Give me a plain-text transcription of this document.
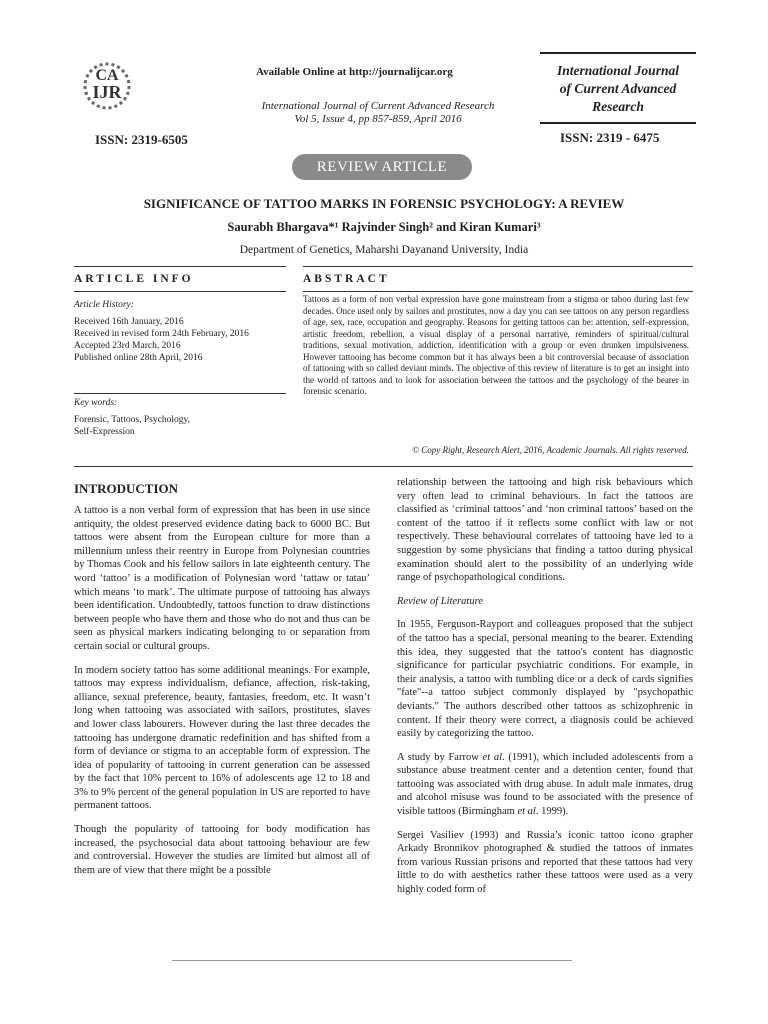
CA
IJR
ISSN: 2319-6505
Available Online at http://journalijcar.org
International Journal of Current Advanced Research
Vol 5, Issue 4, pp 857-859, April 2016
International Journal
of Current Advanced
Research
ISSN: 2319 - 6475
REVIEW ARTICLE
SIGNIFICANCE OF TATTOO MARKS IN FORENSIC PSYCHOLOGY: A REVIEW
Saurabh Bhargava*¹ Rajvinder Singh² and Kiran Kumari³
Department of Genetics, Maharshi Dayanand University, India
ARTICLE INFO
Article History:
Received 16th January, 2016
Received in revised form 24th February, 2016
Accepted 23rd March, 2016
Published online 28th April, 2016
Key words:
Forensic, Tattoos, Psychology,
Self-Expression
ABSTRACT
Tattoos as a form of non verbal expression have gone mainstream from a stigma or taboo during last few decades. Once used only by sailors and prostitutes, now a day you can see tattoos on any person regardless of age, sex, race, occupation and geography. Reasons for getting tattoos can be: attention, self-expression, artistic freedom, rebellion, a visual display of a personal narrative, reminders of spiritual/cultural traditions, sexual motivation, addiction, identification with a group or even drunken impulsiveness. However tattooing has become common but it has always been a bit controversial because of association of tattooing with so called deviant minds. The objective of this review of literature is to get an insight into the world of tattoos and to look for association between the tattoos and the psychology of the bearer in forensic scenario.
© Copy Right, Research Alert, 2016, Academic Journals. All rights reserved.
INTRODUCTION

A tattoo is a non verbal form of expression that has been in use since antiquity, the oldest preserved evidence dating back to 6000 BC. But tattoos were absent from the European culture for more than a millennium unless their reentry in Europe from Polynesian countries by Thomas Cook and his fellow sailors in late eighteenth century. The word ‘tattoo’ is a modification of Polynesian word ‘tattaw or tatau’ which means ‘to mark’. The ultimate purpose of tattooing has always been identification. Undoubtedly, tattoos function to draw distinctions between people who have them and those who do not and thus can be seen as physical markers indicating belonging to or separation from certain social or cultural groups.

In modern society tattoo has some additional meanings. For example, tattoos may express individualism, defiance, affection, risk-taking, alliance, sexual preference, beauty, fantasies, freedom, etc. It wasn’t long when tattooing was associated with sailors, prostitutes, slaves and lower class labourers. However during the last three decades the tattooing has undergone dramatic redefinition and has shifted from a form of deviance or stigma to an acceptable form of expression. The idea of popularity of tattooing in current generation can be assessed by the fact that 10% percent to 16% of adolescents age 12 to 18 and 3% to 9% percent of the general population in US are reported to have permanent tattoos.

Though the popularity of tattooing for body modification has increased, the psychosocial data about tattooing behaviour are few and controversial. However the studies are limited but almost all of them are of view that there might be a possible

relationship between the tattooing and high risk behaviours which very often lead to criminal behaviours. In fact the tattoos are classified as ‘criminal tattoos’ and ‘non criminal tattoos’ based on the content of the tattoo if it reflects some conflict with law or not respectively. These behavioural correlates of tattooing have led to a suggestion by some physicians that finding a tattoo during physical examination should alert to the possibility of an underlying wide range of psychopathological conditions.

Review of Literature

In 1955, Ferguson-Rayport and colleagues proposed that the subject of the tattoo has a special, personal meaning to the bearer. Extending this idea, they suggested that the tattoo's content has diagnostic significance for particular psychiatric conditions. For example, in their analysis, a tattoo with tumbling dice or a deck of cards signifies "fate"--a tattoo subject commonly displayed by "psychopathic deviants." The authors described other tattoos as schizophrenic in content. If their theory were correct, a diagnosis could be achieved easily by categorizing the tattoo.

A study by Farrow et al. (1991), which included adolescents from a substance abuse treatment center and a detention center, found that tattooing was associated with drug abuse. In adult male inmates, drug and alcohol misuse was found to be associated with the presence of visible tattoos (Birmingham et al. 1999).

Sergei Vasiliev (1993) and Russia’s iconic tattoo icono grapher Arkady Bronnikov photographed & studied the tattoos of inmates from various Russian prisons and reported that these tattoos had very little to do with aesthetics rather these tattoos were used as a very highly coded form of
